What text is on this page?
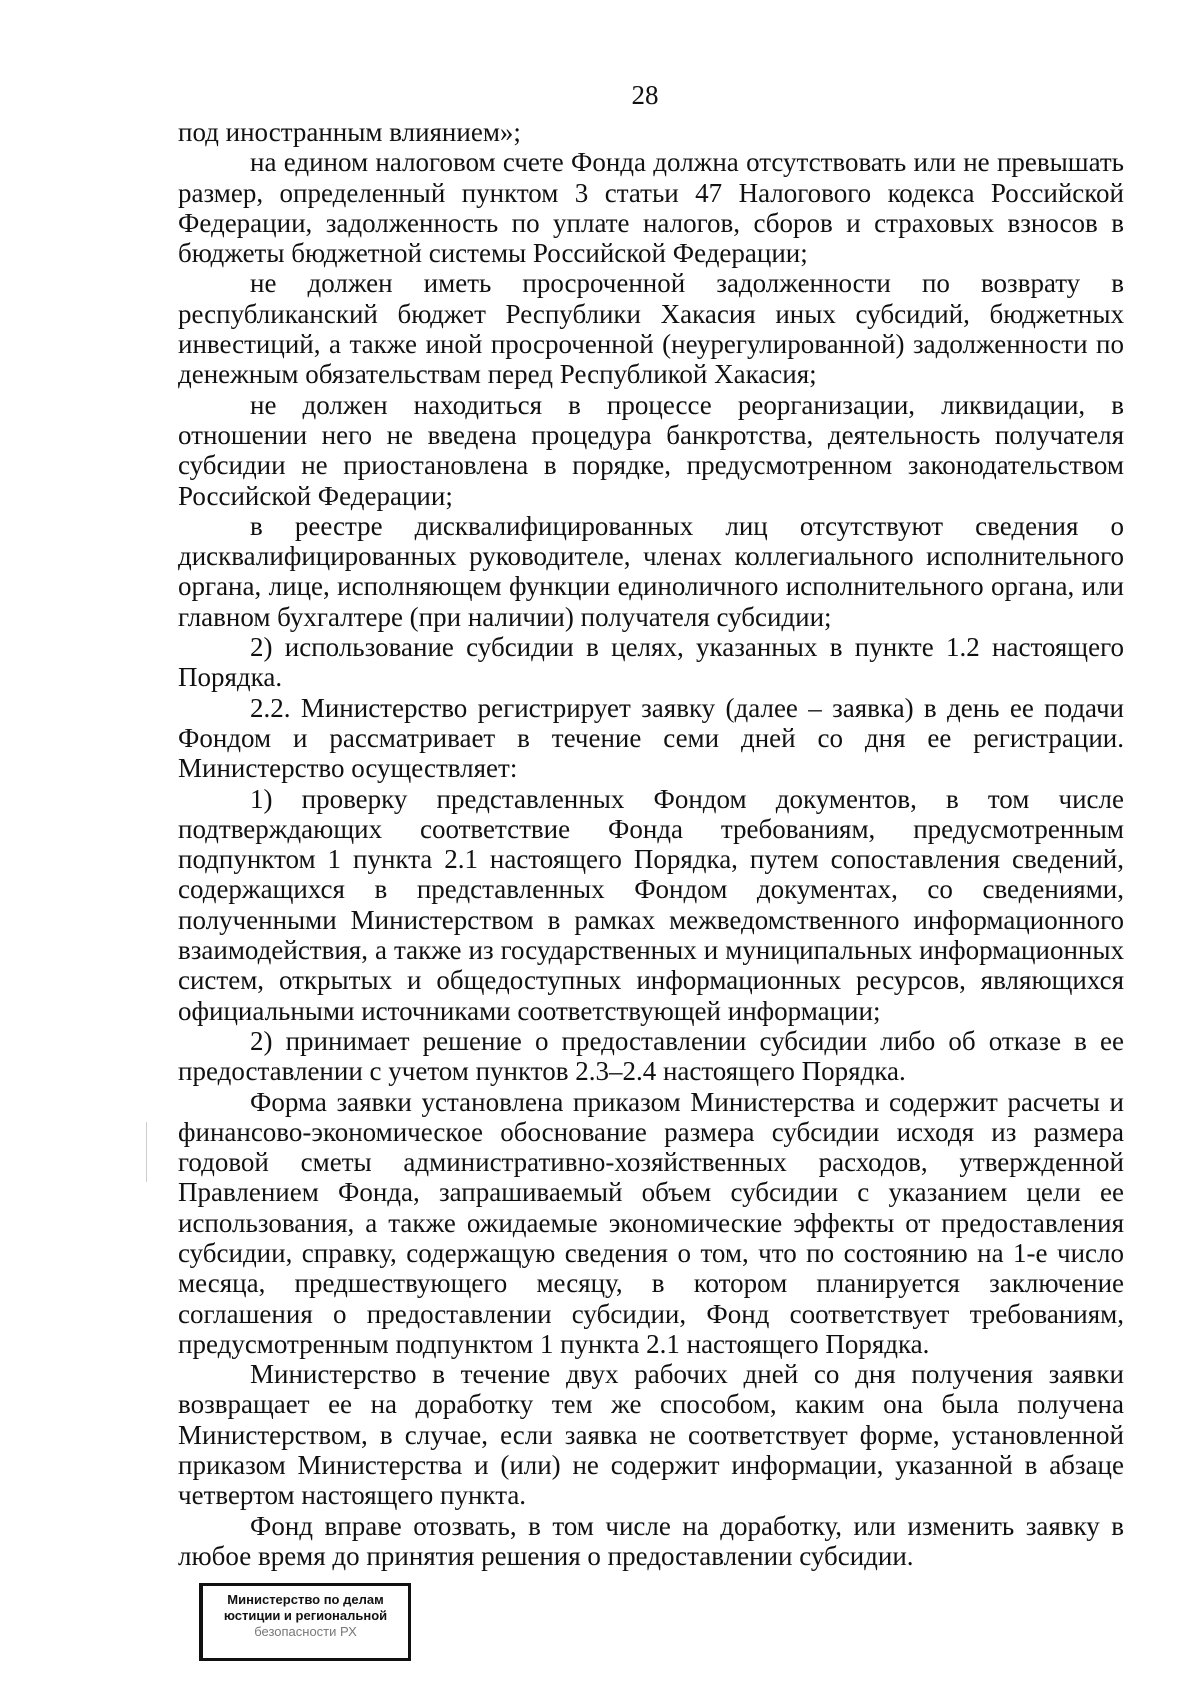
28

под иностранным влиянием»;

на едином налоговом счете Фонда должна отсутствовать или не превышать размер, определенный пунктом 3 статьи 47 Налогового кодекса Российской Федерации, задолженность по уплате налогов, сборов и страховых взносов в бюджеты бюджетной системы Российской Федерации;

не должен иметь просроченной задолженности по возврату в республиканский бюджет Республики Хакасия иных субсидий, бюджетных инвестиций, а также иной просроченной (неурегулированной) задолженности по денежным обязательствам перед Республикой Хакасия;

не должен находиться в процессе реорганизации, ликвидации, в отношении него не введена процедура банкротства, деятельность получателя субсидии не приостановлена в порядке, предусмотренном законодательством Российской Федерации;

в реестре дисквалифицированных лиц отсутствуют сведения о дисквалифицированных руководителе, членах коллегиального исполнительного органа, лице, исполняющем функции единоличного исполнительного органа, или главном бухгалтере (при наличии) получателя субсидии;

2) использование субсидии в целях, указанных в пункте 1.2 настоящего Порядка.

2.2. Министерство регистрирует заявку (далее – заявка) в день ее подачи Фондом и рассматривает в течение семи дней со дня ее регистрации. Министерство осуществляет:

1) проверку представленных Фондом документов, в том числе подтверждающих соответствие Фонда требованиям, предусмотренным подпунктом 1 пункта 2.1 настоящего Порядка, путем сопоставления сведений, содержащихся в представленных Фондом документах, со сведениями, полученными Министерством в рамках межведомственного информационного взаимодействия, а также из государственных и муниципальных информационных систем, открытых и общедоступных информационных ресурсов, являющихся официальными источниками соответствующей информации;

2) принимает решение о предоставлении субсидии либо об отказе в ее предоставлении с учетом пунктов 2.3–2.4 настоящего Порядка.

Форма заявки установлена приказом Министерства и содержит расчеты и финансово-экономическое обоснование размера субсидии исходя из размера годовой сметы административно-хозяйственных расходов, утвержденной Правлением Фонда, запрашиваемый объем субсидии с указанием цели ее использования, а также ожидаемые экономические эффекты от предоставления субсидии, справку, содержащую сведения о том, что по состоянию на 1-е число месяца, предшествующего месяцу, в котором планируется заключение соглашения о предоставлении субсидии, Фонд соответствует требованиям, предусмотренным подпунктом 1 пункта 2.1 настоящего Порядка.

Министерство в течение двух рабочих дней со дня получения заявки возвращает ее на доработку тем же способом, каким она была получена Министерством, в случае, если заявка не соответствует форме, установленной приказом Министерства и (или) не содержит информации, указанной в абзаце четвертом настоящего пункта.

Фонд вправе отозвать, в том числе на доработку, или изменить заявку в любое время до принятия решения о предоставлении субсидии.

Министерство по делам
юстиции и региональной
безопасности РХ
